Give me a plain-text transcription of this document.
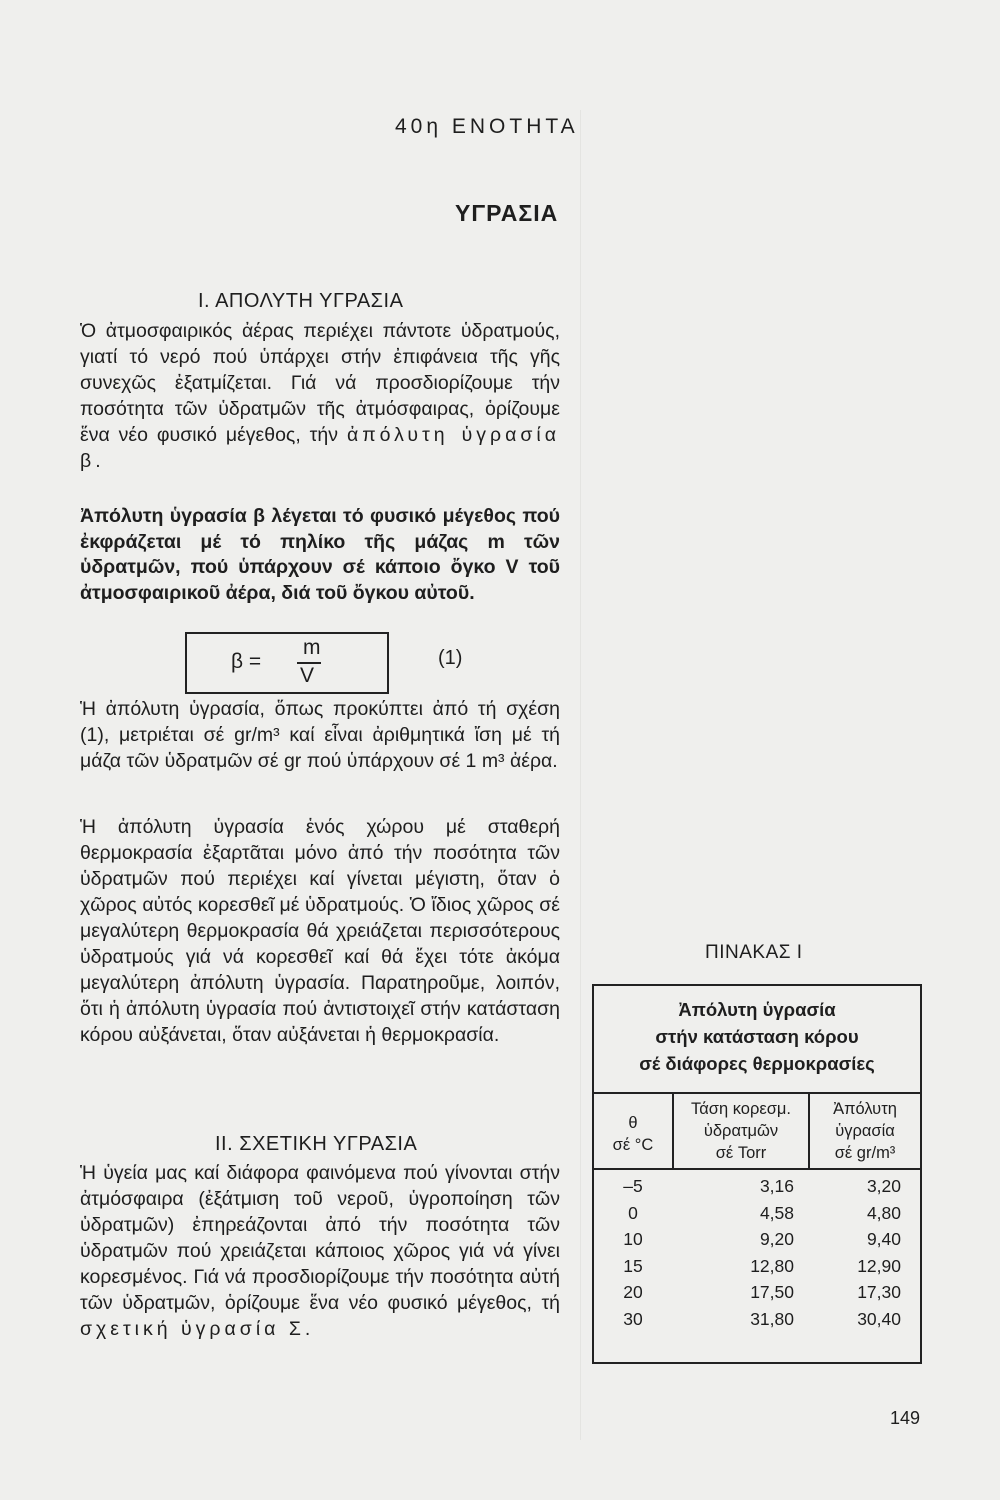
40η ΕΝΟΤΗΤΑ
ΥΓΡΑΣΙΑ
Ι. ΑΠΟΛΥΤΗ ΥΓΡΑΣΙΑ
Ὁ ἀτμοσφαιρικός ἀέρας περιέχει πάντοτε ὑδρατμούς, γιατί τό νερό πού ὑπάρχει στήν ἐπιφάνεια τῆς γῆς συνεχῶς ἐξατμίζεται. Γιά νά προσδιορίζουμε τήν ποσότητα τῶν ὑδρατμῶν τῆς ἀτμόσφαιρας, ὁρίζουμε ἕνα νέο φυσικό μέγεθος, τήν ἀπόλυτη ὑγρασία β.
Ἀπόλυτη ὑγρασία β λέγεται τό φυσικό μέγεθος πού ἐκφράζεται μέ τό πηλίκο τῆς μάζας m τῶν ὑδρατμῶν, πού ὑπάρχουν σέ κάποιο ὄγκο V τοῦ ἀτμοσφαιρικοῦ ἀέρα, διά τοῦ ὄγκου αὐτοῦ.
β =
m
V
(1)
Ἡ ἀπόλυτη ὑγρασία, ὅπως προκύπτει ἀπό τή σχέση (1), μετριέται σέ gr/m³ καί εἶναι ἀριθμητικά ἴση μέ τή μάζα τῶν ὑδρατμῶν σέ gr πού ὑπάρχουν σέ 1 m³ ἀέρα.
Ἡ ἀπόλυτη ὑγρασία ἑνός χώρου μέ σταθερή θερμοκρασία ἐξαρτᾶται μόνο ἀπό τήν ποσότητα τῶν ὑδρατμῶν πού περιέχει καί γίνεται μέγιστη, ὅταν ὁ χῶρος αὐτός κορεσθεῖ μέ ὑδρατμούς. Ὁ ἴδιος χῶρος σέ μεγαλύτερη θερμοκρασία θά χρειάζεται περισσότερους ὑδρατμούς γιά νά κορεσθεῖ καί θά ἔχει τότε ἀκόμα μεγαλύτερη ἀπόλυτη ὑγρασία. Παρατηροῦμε, λοιπόν, ὅτι ἡ ἀπόλυτη ὑγρασία πού ἀντιστοιχεῖ στήν κατάσταση κόρου αὐξάνεται, ὅταν αὐξάνεται ἡ θερμοκρασία.
ΙΙ. ΣΧΕΤΙΚΗ ΥΓΡΑΣΙΑ
Ἡ ὑγεία μας καί διάφορα φαινόμενα πού γίνονται στήν ἀτμόσφαιρα (ἐξάτμιση τοῦ νεροῦ, ὑγροποίηση τῶν ὑδρατμῶν) ἐπηρεάζονται ἀπό τήν ποσότητα τῶν ὑδρατμῶν πού χρειάζεται κάποιος χῶρος γιά νά γίνει κορεσμένος. Γιά νά προσδιορίζουμε τήν ποσότητα αὐτή τῶν ὑδρατμῶν, ὁρίζουμε ἕνα νέο φυσικό μέγεθος, τή σχετική ὑγρασία Σ.
ΠΙΝΑΚΑΣ Ι
Ἀπόλυτη ὑγρασία
στήν κατάσταση κόρου
σέ διάφορες θερμοκρασίες
θ
σέ °C
Τάση κορεσμ.
ὑδρατμῶν
σέ Torr
Ἀπόλυτη
ὑγρασία
σέ gr/m³
–5	3,16	3,20
0	4,58	4,80
10	9,20	9,40
15	12,80	12,90
20	17,50	17,30
30	31,80	30,40
149
